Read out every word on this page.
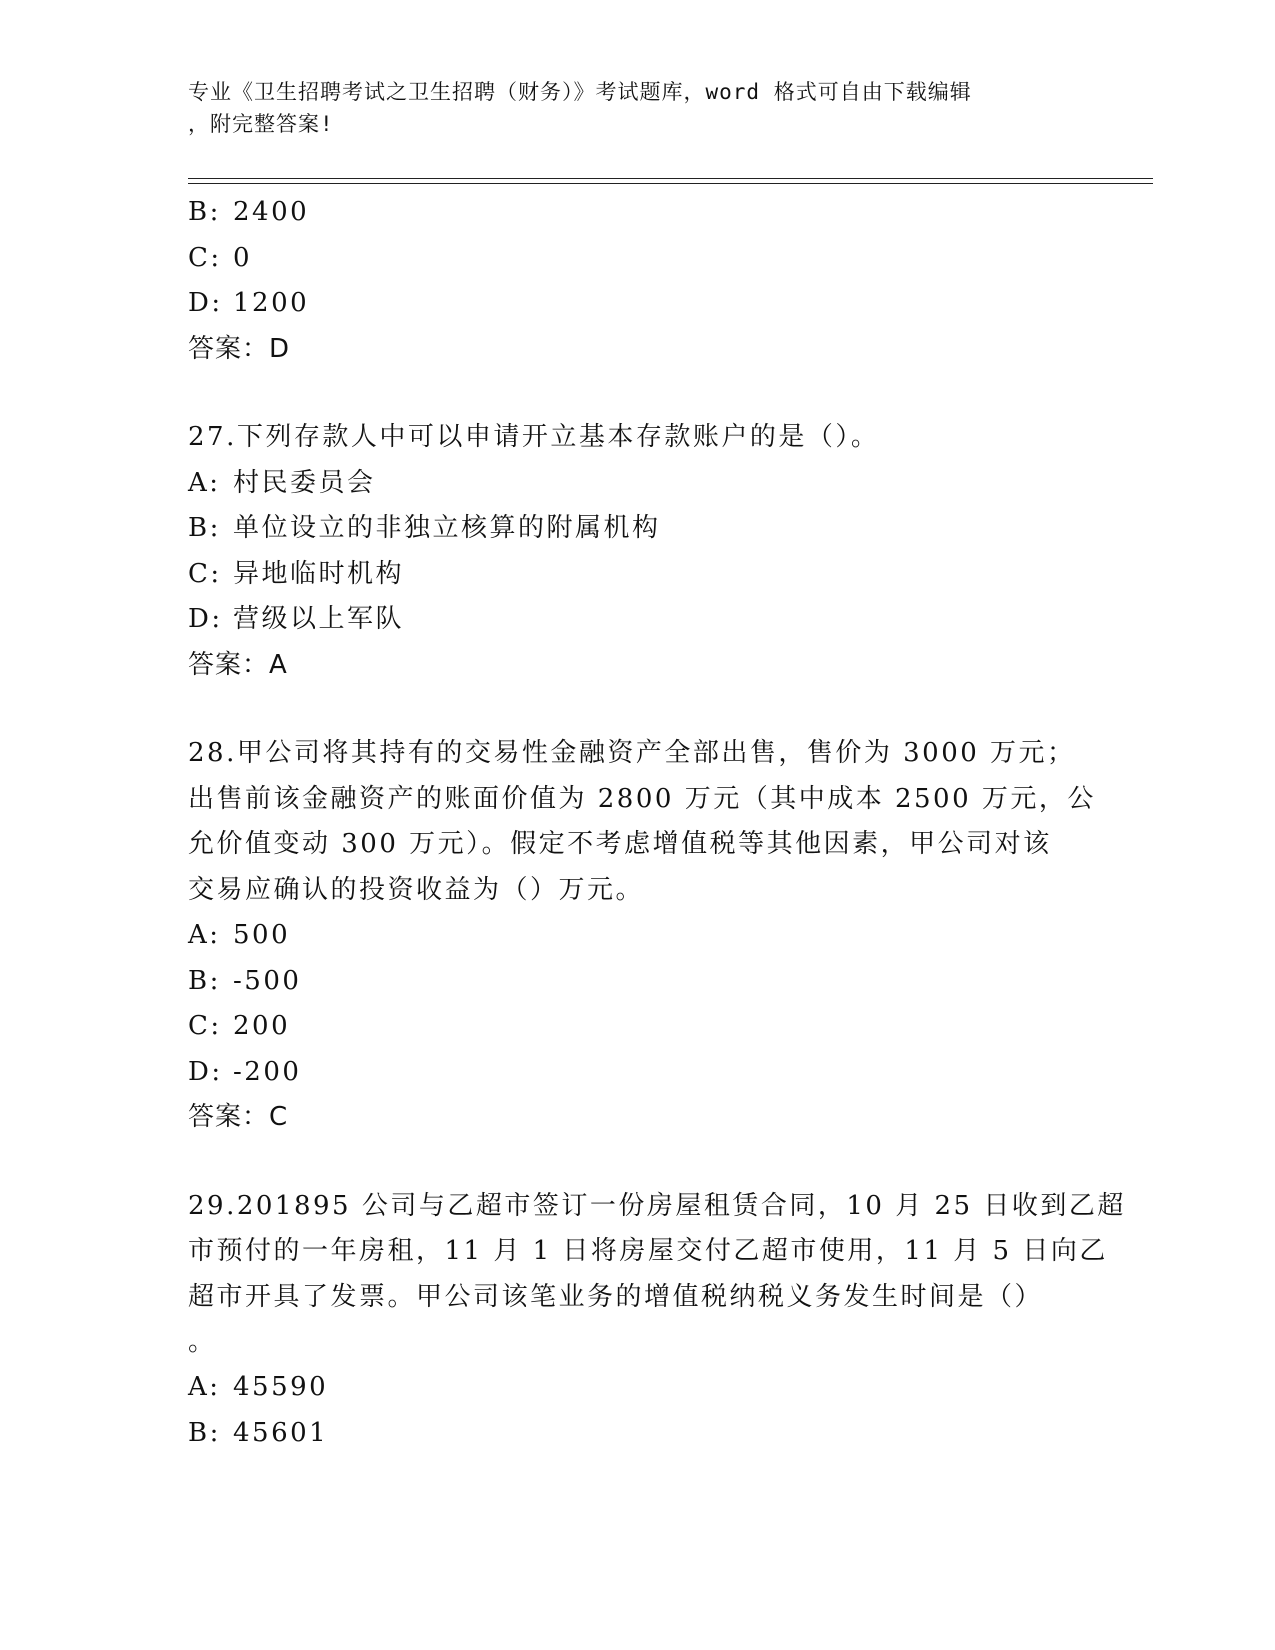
专业《卫生招聘考试之卫生招聘（财务）》考试题库，word 格式可自由下载编辑
，附完整答案!
B: 2400
C: 0
D: 1200
答案：D
27.下列存款人中可以申请开立基本存款账户的是（）。
A: 村民委员会
B: 单位设立的非独立核算的附属机构
C: 异地临时机构
D: 营级以上军队
答案：A
28.甲公司将其持有的交易性金融资产全部出售，售价为 3000 万元；
出售前该金融资产的账面价值为 2800 万元（其中成本 2500 万元，公
允价值变动 300 万元）。假定不考虑增值税等其他因素，甲公司对该
交易应确认的投资收益为（）万元。
A: 500
B: -500
C: 200
D: -200
答案：C
29.201895 公司与乙超市签订一份房屋租赁合同，10 月 25 日收到乙超
市预付的一年房租，11 月 1 日将房屋交付乙超市使用，11 月 5 日向乙
超市开具了发票。甲公司该笔业务的增值税纳税义务发生时间是（）
。
A: 45590
B: 45601
